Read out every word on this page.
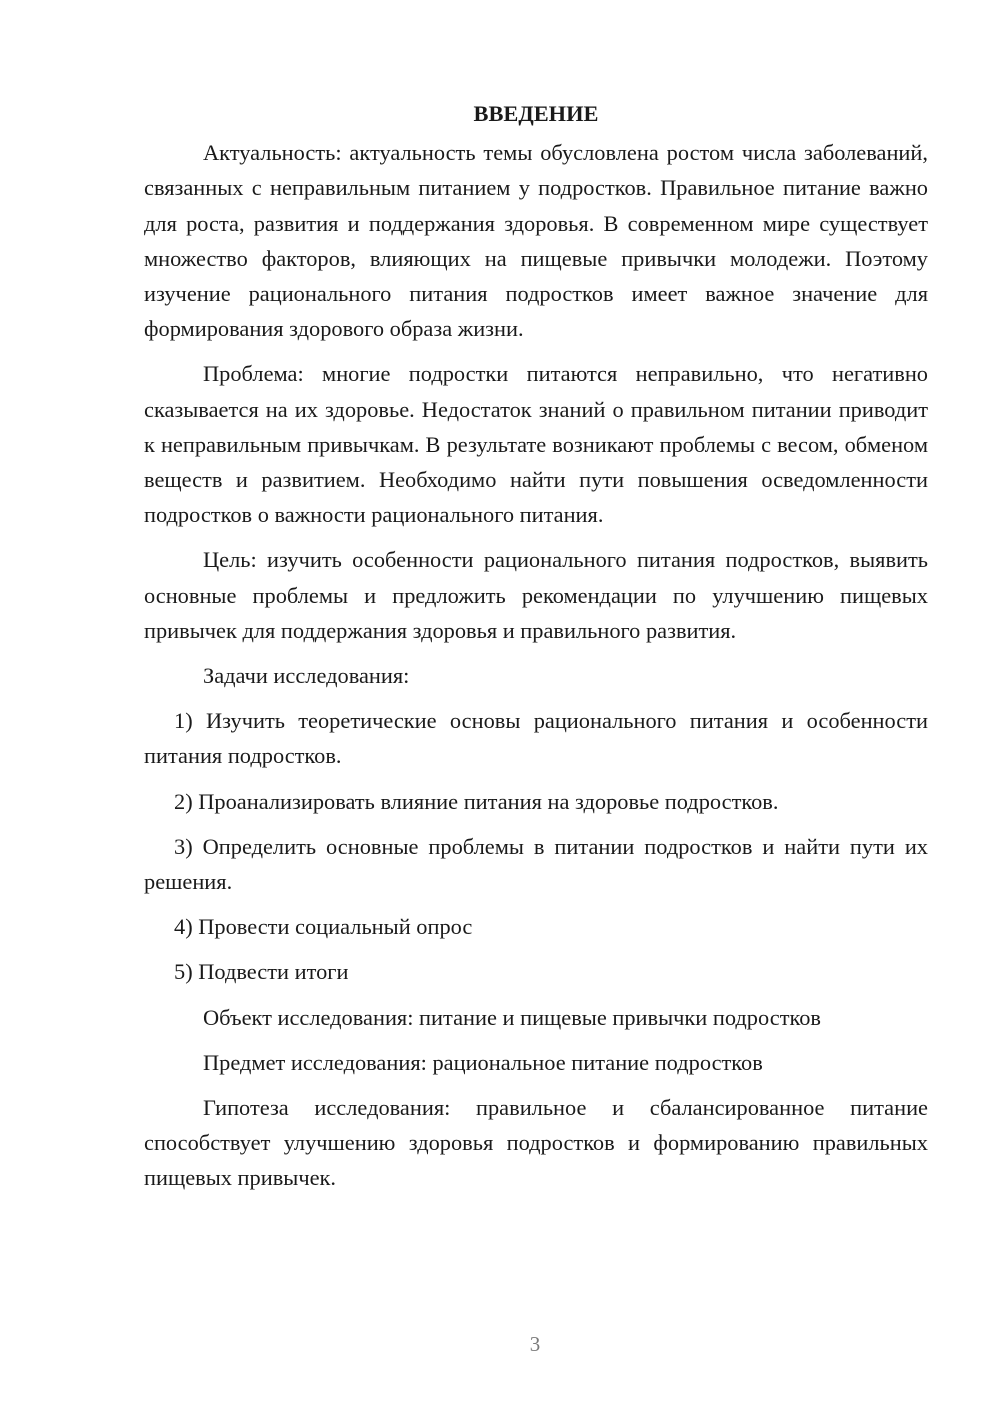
ВВЕДЕНИЕ

Актуальность: актуальность темы обусловлена ростом числа заболеваний, связанных с неправильным питанием у подростков. Правильное питание важно для роста, развития и поддержания здоровья. В современном мире существует множество факторов, влияющих на пищевые привычки молодежи. Поэтому изучение рационального питания подростков имеет важное значение для формирования здорового образа жизни.

Проблема: многие подростки питаются неправильно, что негативно сказывается на их здоровье. Недостаток знаний о правильном питании приводит к неправильным привычкам. В результате возникают проблемы с весом, обменом веществ и развитием. Необходимо найти пути повышения осведомленности подростков о важности рационального питания.

Цель: изучить особенности рационального питания подростков, выявить основные проблемы и предложить рекомендации по улучшению пищевых привычек для поддержания здоровья и правильного развития.

Задачи исследования:

1) Изучить теоретические основы рационального питания и особенности питания подростков.

2) Проанализировать влияние питания на здоровье подростков.

3) Определить основные проблемы в питании подростков и найти пути их решения.

4) Провести социальный опрос

5) Подвести итоги

Объект исследования: питание и пищевые привычки подростков

Предмет исследования: рациональное питание подростков

Гипотеза исследования: правильное и сбалансированное питание способствует улучшению здоровья подростков и формированию правильных пищевых привычек.

3
